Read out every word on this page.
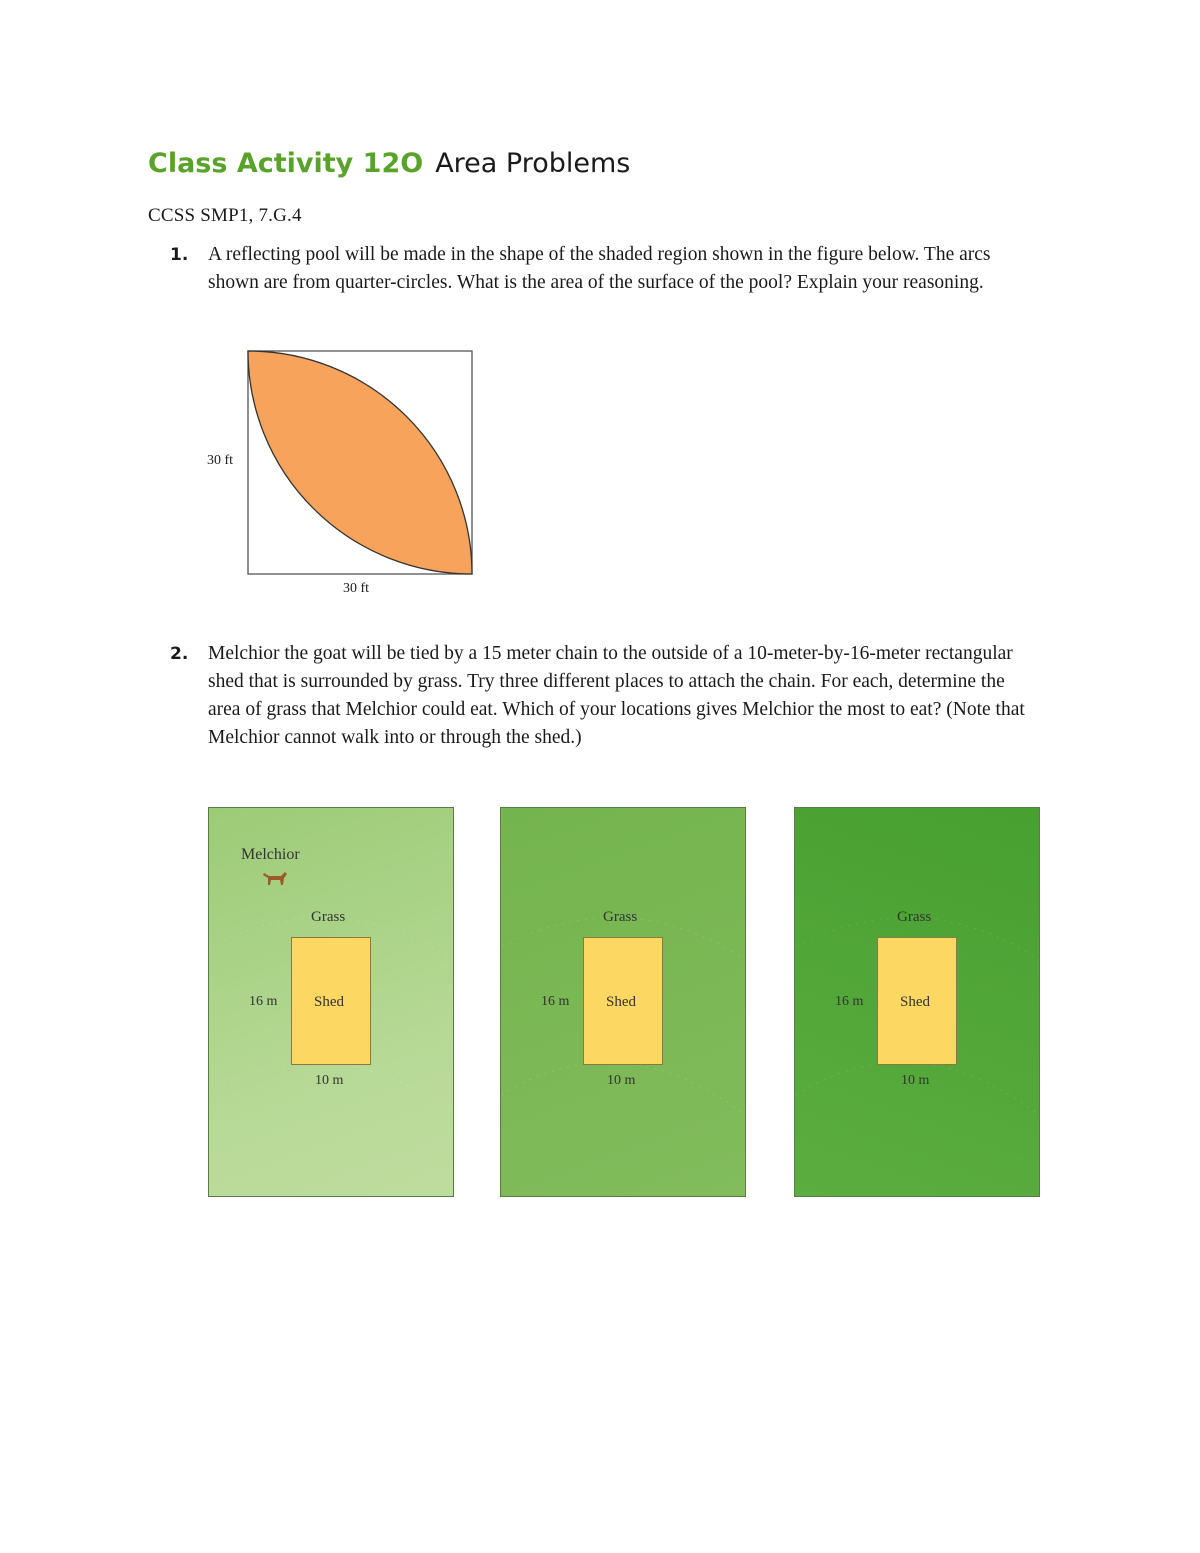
Class Activity 12O Area Problems
CCSS SMP1, 7.G.4
1.	A reflecting pool will be made in the shape of the shaded region shown in the figure below. The arcs shown are from quarter-circles. What is the area of the surface of the pool? Explain your reasoning.
30 ft
30 ft
2.	Melchior the goat will be tied by a 15 meter chain to the outside of a 10-meter-by-16-meter rectangular shed that is surrounded by grass. Try three different places to attach the chain. For each, determine the area of grass that Melchior could eat. Which of your locations gives Melchior the most to eat? (Note that Melchior cannot walk into or through the shed.)
Melchior
Grass
Shed
16 m
10 m
Grass
Shed
16 m
10 m
Grass
Shed
16 m
10 m
